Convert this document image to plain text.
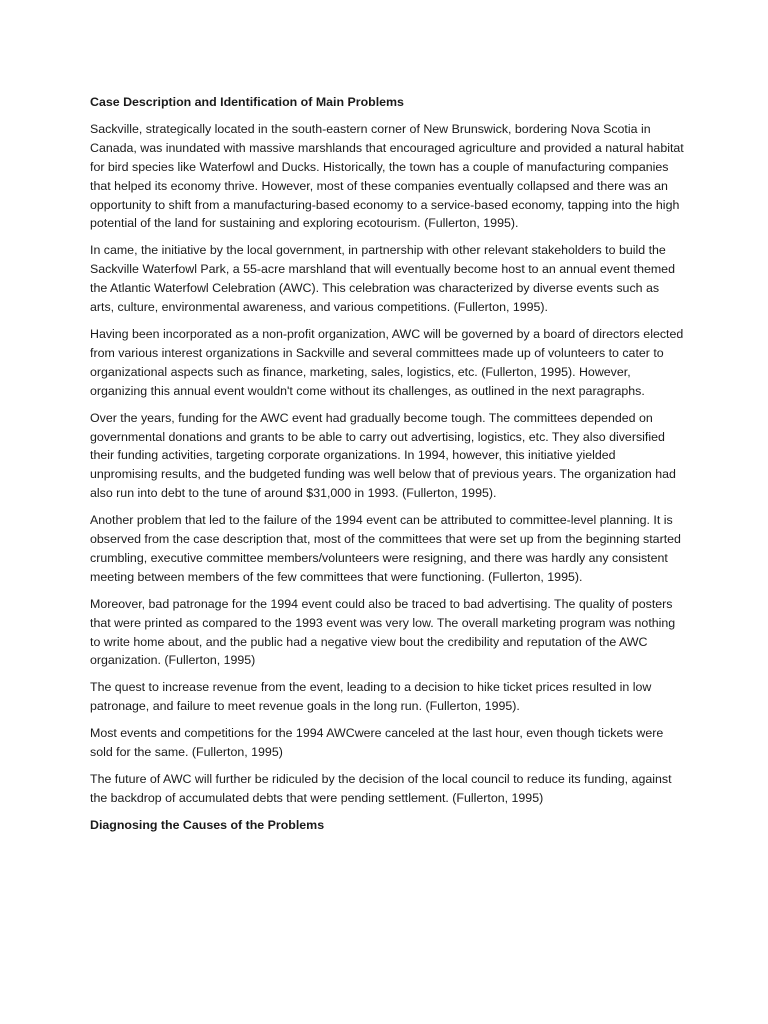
Case Description and Identification of Main Problems

Sackville, strategically located in the south-eastern corner of New Brunswick, bordering Nova Scotia in Canada, was inundated with massive marshlands that encouraged agriculture and provided a natural habitat for bird species like Waterfowl and Ducks. Historically, the town has a couple of manufacturing companies that helped its economy thrive. However, most of these companies eventually collapsed and there was an opportunity to shift from a manufacturing-based economy to a service-based economy, tapping into the high potential of the land for sustaining and exploring ecotourism. (Fullerton, 1995).

In came, the initiative by the local government, in partnership with other relevant stakeholders to build the Sackville Waterfowl Park, a 55-acre marshland that will eventually become host to an annual event themed the Atlantic Waterfowl Celebration (AWC). This celebration was characterized by diverse events such as arts, culture, environmental awareness, and various competitions. (Fullerton, 1995).

Having been incorporated as a non-profit organization, AWC will be governed by a board of directors elected from various interest organizations in Sackville and several committees made up of volunteers to cater to organizational aspects such as finance, marketing, sales, logistics, etc. (Fullerton, 1995). However, organizing this annual event wouldn't come without its challenges, as outlined in the next paragraphs.

Over the years, funding for the AWC event had gradually become tough. The committees depended on governmental donations and grants to be able to carry out advertising, logistics, etc. They also diversified their funding activities, targeting corporate organizations. In 1994, however, this initiative yielded unpromising results, and the budgeted funding was well below that of previous years. The organization had also run into debt to the tune of around $31,000 in 1993. (Fullerton, 1995).

Another problem that led to the failure of the 1994 event can be attributed to committee-level planning. It is observed from the case description that, most of the committees that were set up from the beginning started crumbling, executive committee members/volunteers were resigning, and there was hardly any consistent meeting between members of the few committees that were functioning. (Fullerton, 1995).

Moreover, bad patronage for the 1994 event could also be traced to bad advertising. The quality of posters that were printed as compared to the 1993 event was very low. The overall marketing program was nothing to write home about, and the public had a negative view bout the credibility and reputation of the AWC organization. (Fullerton, 1995)

The quest to increase revenue from the event, leading to a decision to hike ticket prices resulted in low patronage, and failure to meet revenue goals in the long run. (Fullerton, 1995).

Most events and competitions for the 1994 AWCwere canceled at the last hour, even though tickets were sold for the same. (Fullerton, 1995)

The future of AWC will further be ridiculed by the decision of the local council to reduce its funding, against the backdrop of accumulated debts that were pending settlement. (Fullerton, 1995)

Diagnosing the Causes of the Problems
